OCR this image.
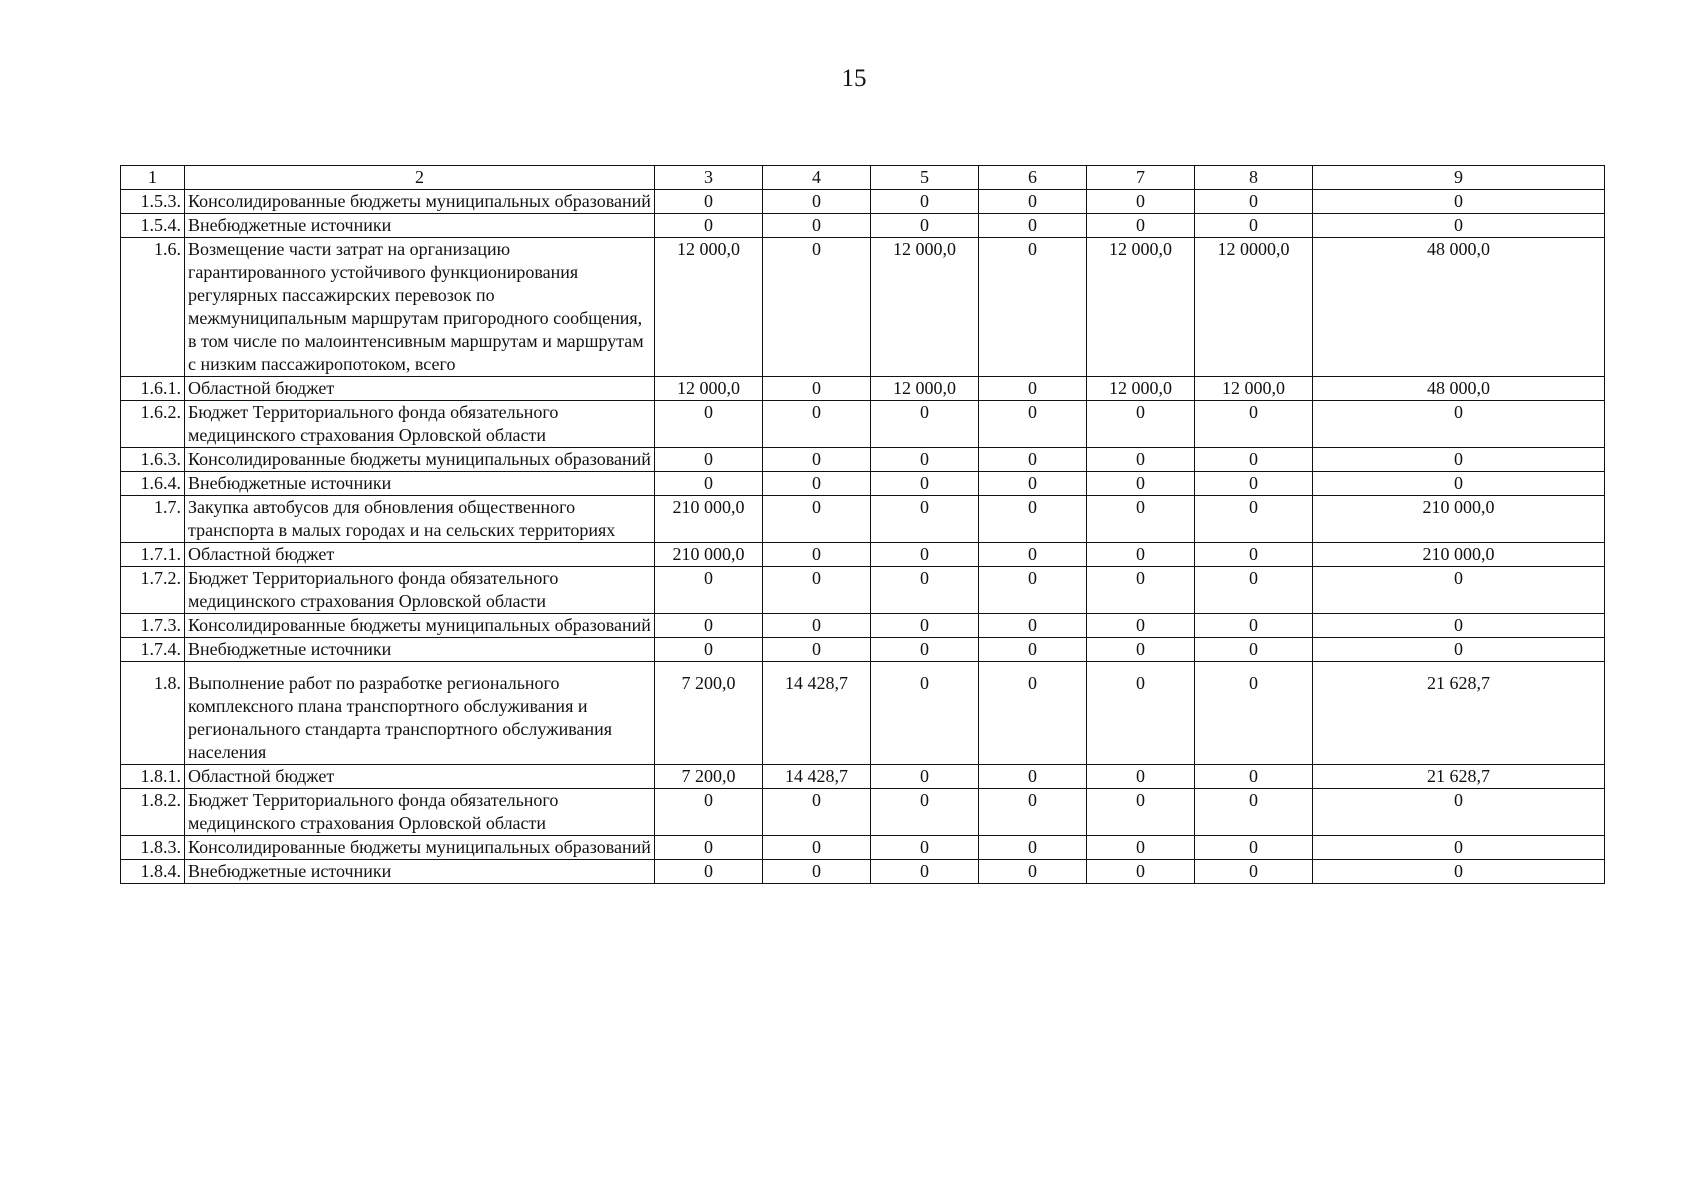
15
1	2	3	4	5	6	7	8	9
1.5.3.	Консолидированные бюджеты муниципальных образований	0	0	0	0	0	0	0
1.5.4.	Внебюджетные источники	0	0	0	0	0	0	0
1.6.	Возмещение части затрат на организацию гарантированного устойчивого функционирования регулярных пассажирских перевозок по межмуниципальным маршрутам пригородного сообщения, в том числе по малоинтенсивным маршрутам и маршрутам с низким пассажиропотоком, всего	12 000,0	0	12 000,0	0	12 000,0	12 0000,0	48 000,0
1.6.1.	Областной бюджет	12 000,0	0	12 000,0	0	12 000,0	12 000,0	48 000,0
1.6.2.	Бюджет Территориального фонда обязательного медицинского страхования Орловской области	0	0	0	0	0	0	0
1.6.3.	Консолидированные бюджеты муниципальных образований	0	0	0	0	0	0	0
1.6.4.	Внебюджетные источники	0	0	0	0	0	0	0
1.7.	Закупка автобусов для обновления общественного транспорта в малых городах и на сельских территориях	210 000,0	0	0	0	0	0	210 000,0
1.7.1.	Областной бюджет	210 000,0	0	0	0	0	0	210 000,0
1.7.2.	Бюджет Территориального фонда обязательного медицинского страхования Орловской области	0	0	0	0	0	0	0
1.7.3.	Консолидированные бюджеты муниципальных образований	0	0	0	0	0	0	0
1.7.4.	Внебюджетные источники	0	0	0	0	0	0	0
1.8.	Выполнение работ по разработке регионального комплексного плана транспортного обслуживания и регионального стандарта транспортного обслуживания населения	7 200,0	14 428,7	0	0	0	0	21 628,7
1.8.1.	Областной бюджет	7 200,0	14 428,7	0	0	0	0	21 628,7
1.8.2.	Бюджет Территориального фонда обязательного медицинского страхования Орловской области	0	0	0	0	0	0	0
1.8.3.	Консолидированные бюджеты муниципальных образований	0	0	0	0	0	0	0
1.8.4.	Внебюджетные источники	0	0	0	0	0	0	0
